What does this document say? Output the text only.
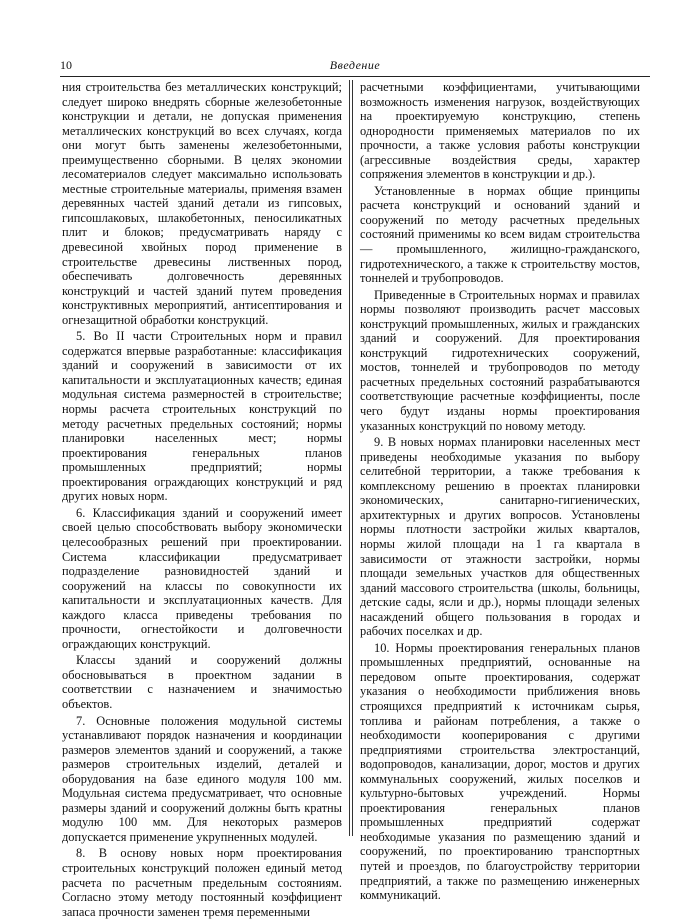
10	Введение

ния строительства без металлических конструкций; следует широко внедрять сборные железобетонные конструкции и детали, не допуская применения металлических конструкций во всех случаях, когда они могут быть заменены железобетонными, преимущественно сборными. В целях экономии лесоматериалов следует максимально использовать местные строительные материалы, применяя взамен деревянных частей зданий детали из гипсовых, гипсошлаковых, шлакобетонных, пеносиликатных плит и блоков; предусматривать наряду с древесиной хвойных пород применение в строительстве древесины лиственных пород, обеспечивать долговечность деревянных конструкций и частей зданий путем проведения конструктивных мероприятий, антисептирования и огнезащитной обработки конструкций.

5. Во II части Строительных норм и правил содержатся впервые разработанные: классификация зданий и сооружений в зависимости от их капитальности и эксплуатационных качеств; единая модульная система размерностей в строительстве; нормы расчета строительных конструкций по методу расчетных предельных состояний; нормы планировки населенных мест; нормы проектирования генеральных планов промышленных предприятий; нормы проектирования ограждающих конструкций и ряд других новых норм.

6. Классификация зданий и сооружений имеет своей целью способствовать выбору экономически целесообразных решений при проектировании. Система классификации предусматривает подразделение разновидностей зданий и сооружений на классы по совокупности их капитальности и эксплуатационных качеств. Для каждого класса приведены требования по прочности, огнестойкости и долговечности ограждающих конструкций.

Классы зданий и сооружений должны обосновываться в проектном задании в соответствии с назначением и значимостью объектов.

7. Основные положения модульной системы устанавливают порядок назначения и координации размеров элементов зданий и сооружений, а также размеров строительных изделий, деталей и оборудования на базе единого модуля 100 мм. Модульная система предусматривает, что основные размеры зданий и сооружений должны быть кратны модулю 100 мм. Для некоторых размеров допускается применение укрупненных модулей.

8. В основу новых норм проектирования строительных конструкций положен единый метод расчета по расчетным предельным состояниям. Согласно этому методу постоянный коэффициент запаса прочности заменен тремя переменными

расчетными коэффициентами, учитывающими возможность изменения нагрузок, воздействующих на проектируемую конструкцию, степень однородности применяемых материалов по их прочности, а также условия работы конструкции (агрессивные воздействия среды, характер сопряжения элементов в конструкции и др.).

Установленные в нормах общие принципы расчета конструкций и оснований зданий и сооружений по методу расчетных предельных состояний применимы ко всем видам строительства — промышленного, жилищно-гражданского, гидротехнического, а также к строительству мостов, тоннелей и трубопроводов.

Приведенные в Строительных нормах и правилах нормы позволяют производить расчет массовых конструкций промышленных, жилых и гражданских зданий и сооружений. Для проектирования конструкций гидротехнических сооружений, мостов, тоннелей и трубопроводов по методу расчетных предельных состояний разрабатываются соответствующие расчетные коэффициенты, после чего будут изданы нормы проектирования указанных конструкций по новому методу.

9. В новых нормах планировки населенных мест приведены необходимые указания по выбору селитебной территории, а также требования к комплексному решению в проектах планировки экономических, санитарно-гигиенических, архитектурных и других вопросов. Установлены нормы плотности застройки жилых кварталов, нормы жилой площади на 1 га квартала в зависимости от этажности застройки, нормы площади земельных участков для общественных зданий массового строительства (школы, больницы, детские сады, ясли и др.), нормы площади зеленых насаждений общего пользования в городах и рабочих поселках и др.

10. Нормы проектирования генеральных планов промышленных предприятий, основанные на передовом опыте проектирования, содержат указания о необходимости приближения вновь строящихся предприятий к источникам сырья, топлива и районам потребления, а также о необходимости кооперирования с другими предприятиями строительства электростанций, водопроводов, канализации, дорог, мостов и других коммунальных сооружений, жилых поселков и культурно-бытовых учреждений. Нормы проектирования генеральных планов промышленных предприятий содержат необходимые указания по размещению зданий и сооружений, по проектированию транспортных путей и проездов, по благоустройству территории предприятий, а также по размещению инженерных коммуникаций.
